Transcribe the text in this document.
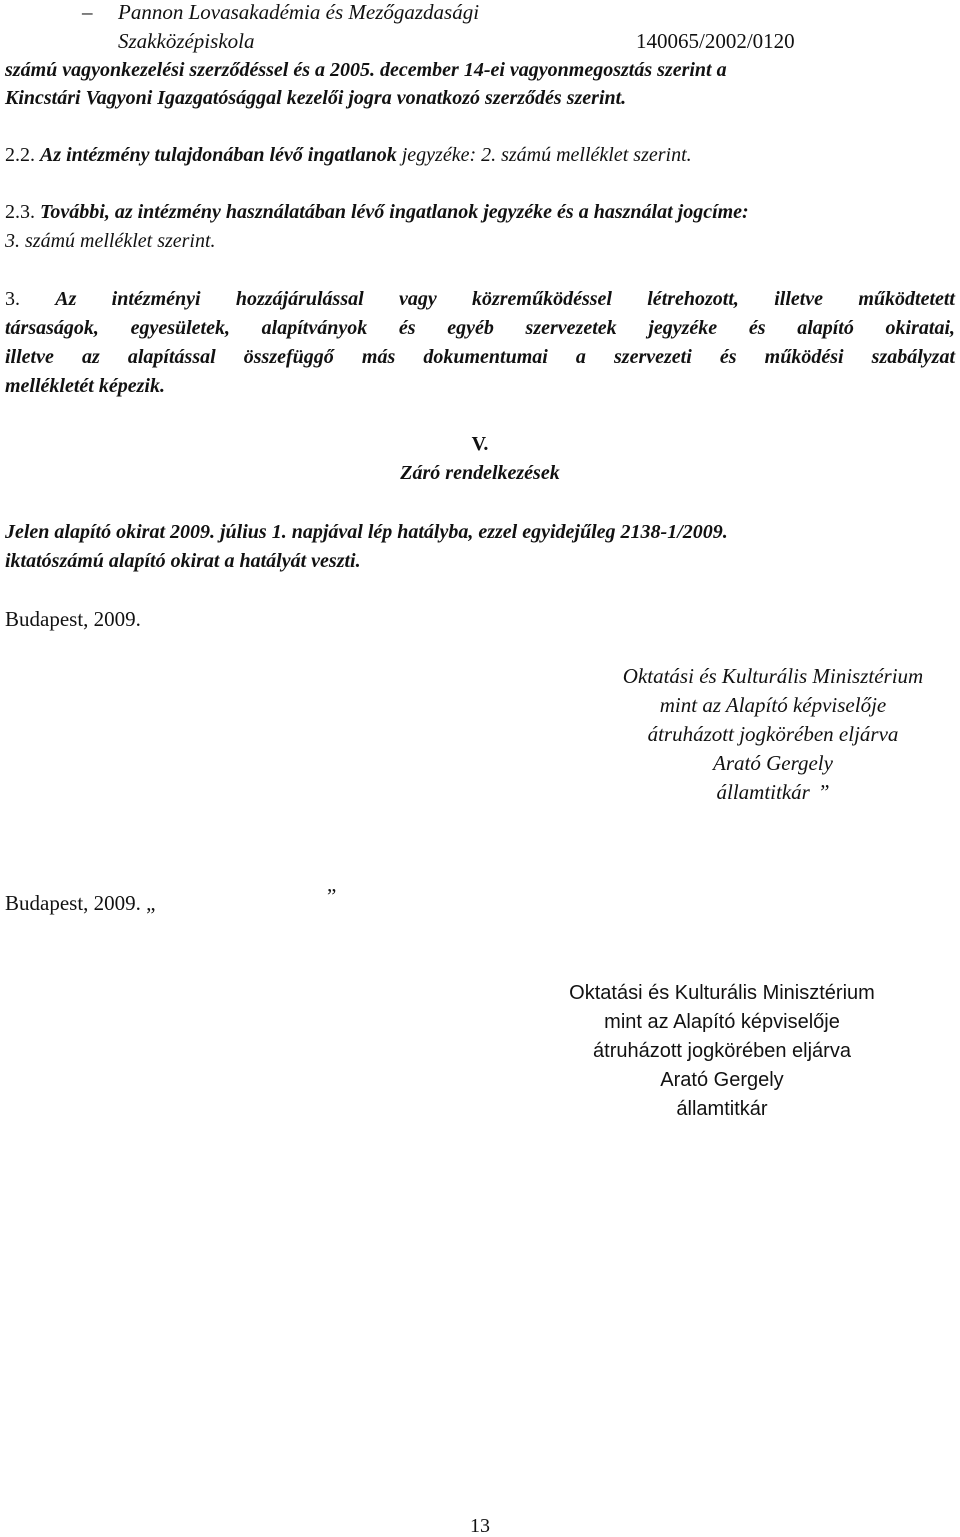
– Pannon Lovasakadémia és Mezőgazdasági
Szakközépiskola	140065/2002/0120
számú vagyonkezelési szerződéssel és a 2005. december 14-ei vagyonmegosztás szerint a
Kincstári Vagyoni Igazgatósággal kezelői jogra vonatkozó szerződés szerint.
2.2. Az intézmény tulajdonában lévő ingatlanok jegyzéke: 2. számú melléklet szerint.
2.3. További, az intézmény használatában lévő ingatlanok jegyzéke és a használat jogcíme:
3. számú melléklet szerint.
3. Az intézményi hozzájárulással vagy közreműködéssel létrehozott, illetve működtetett
társaságok, egyesületek, alapítványok és egyéb szervezetek jegyzéke és alapító okiratai,
illetve az alapítással összefüggő más dokumentumai a szervezeti és működési szabályzat
mellékletét képezik.
V.
Záró rendelkezések
Jelen alapító okirat 2009. július 1. napjával lép hatályba, ezzel egyidejűleg 2138-1/2009.
iktatószámú alapító okirat a hatályát veszti.
Budapest, 2009.
Oktatási és Kulturális Minisztérium
mint az Alapító képviselője
átruházott jogkörében eljárva
Arató Gergely
államtitkár ”
Budapest, 2009. „	”
Oktatási és Kulturális Minisztérium
mint az Alapító képviselője
átruházott jogkörében eljárva
Arató Gergely
államtitkár
13
